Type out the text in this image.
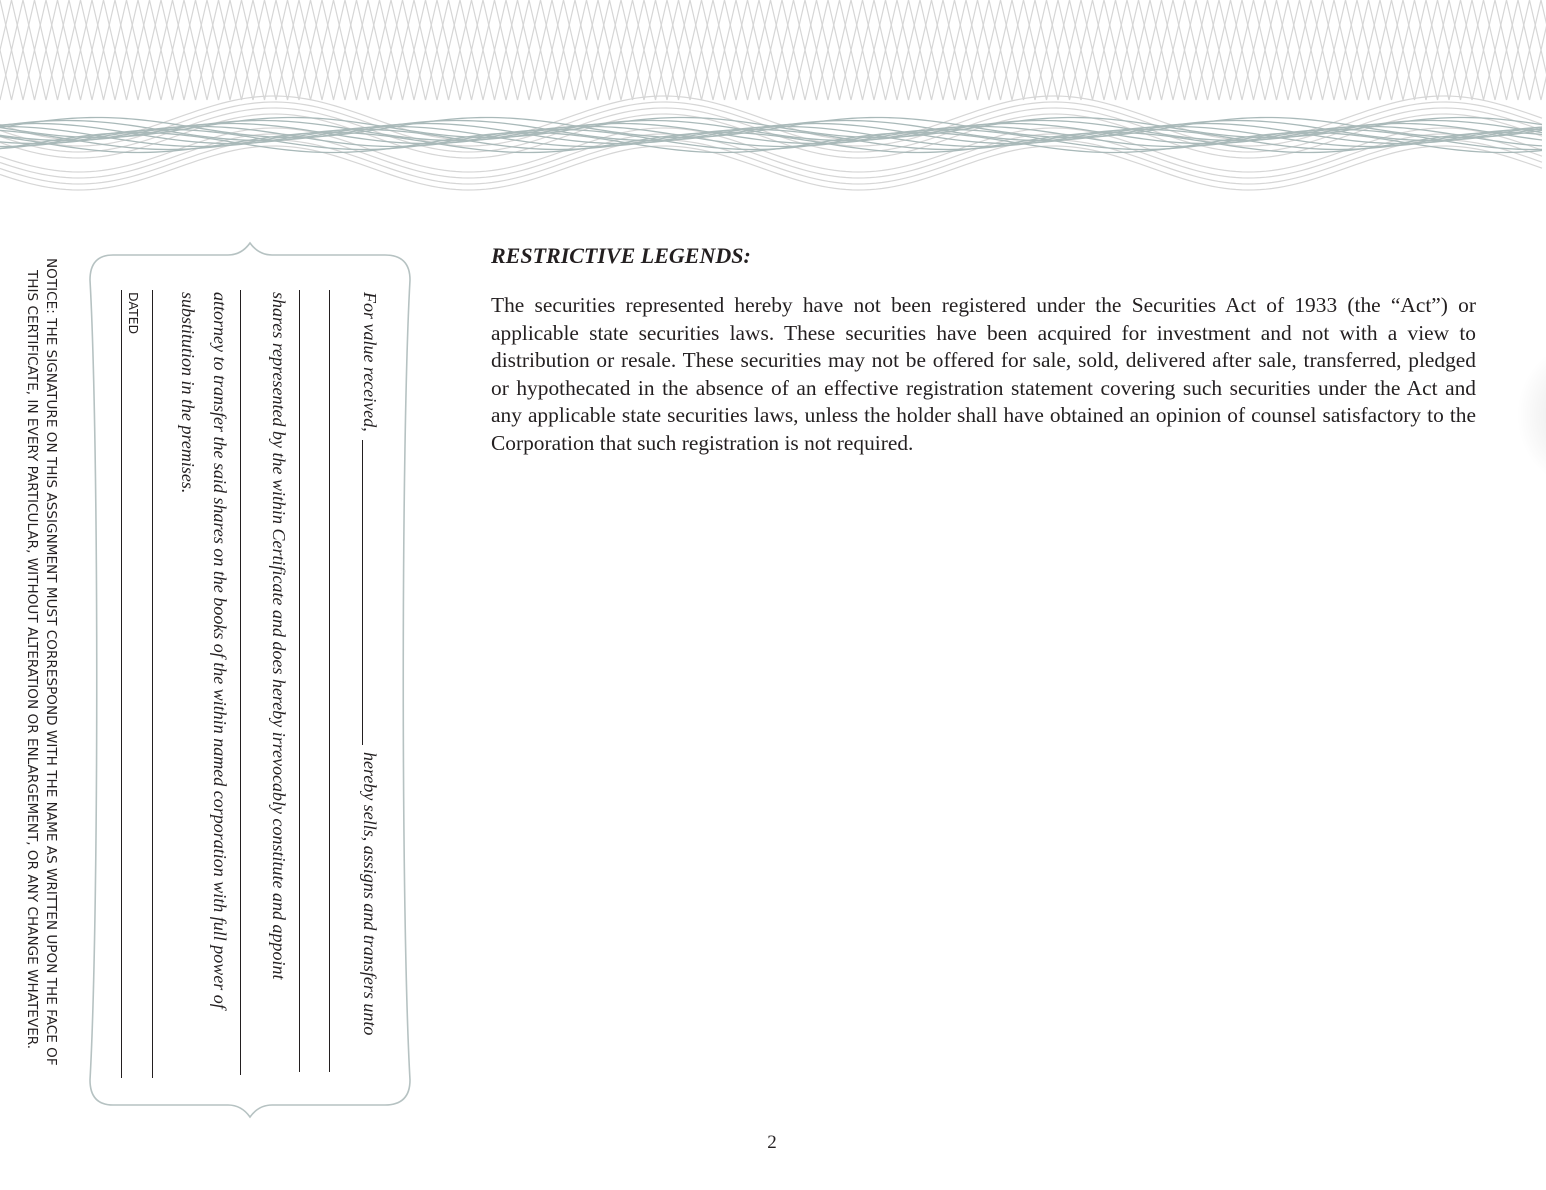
NOTICE: THE SIGNATURE ON THIS ASSIGNMENT MUST CORRESPOND WITH THE NAME AS WRITTEN UPON THE FACE OF
THIS CERTIFICATE, IN EVERY PARTICULAR, WITHOUT ALTERATION OR ENLARGEMENT, OR ANY CHANGE WHATEVER.	For value received,
hereby sells, assigns and transfers unto
shares represented by the within Certificate and does hereby irrevocably constitute and appoint
attorney to transfer the said shares on the books of the within named corporation with full power of
substitution in the premises.
DATED
RESTRICTIVE LEGENDS:

The securities represented hereby have not been registered under the Securities Act of 1933 (the “Act”) or applicable state securities laws. These securities have been acquired for investment and not with a view to distribution or resale. These securities may not be offered for sale, sold, delivered after sale, transferred, pledged or hypothecated in the absence of an effective registration statement covering such securities under the Act and any applicable state securities laws, unless the holder shall have obtained an opinion of counsel satisfactory to the Corporation that such registration is not required.

2
